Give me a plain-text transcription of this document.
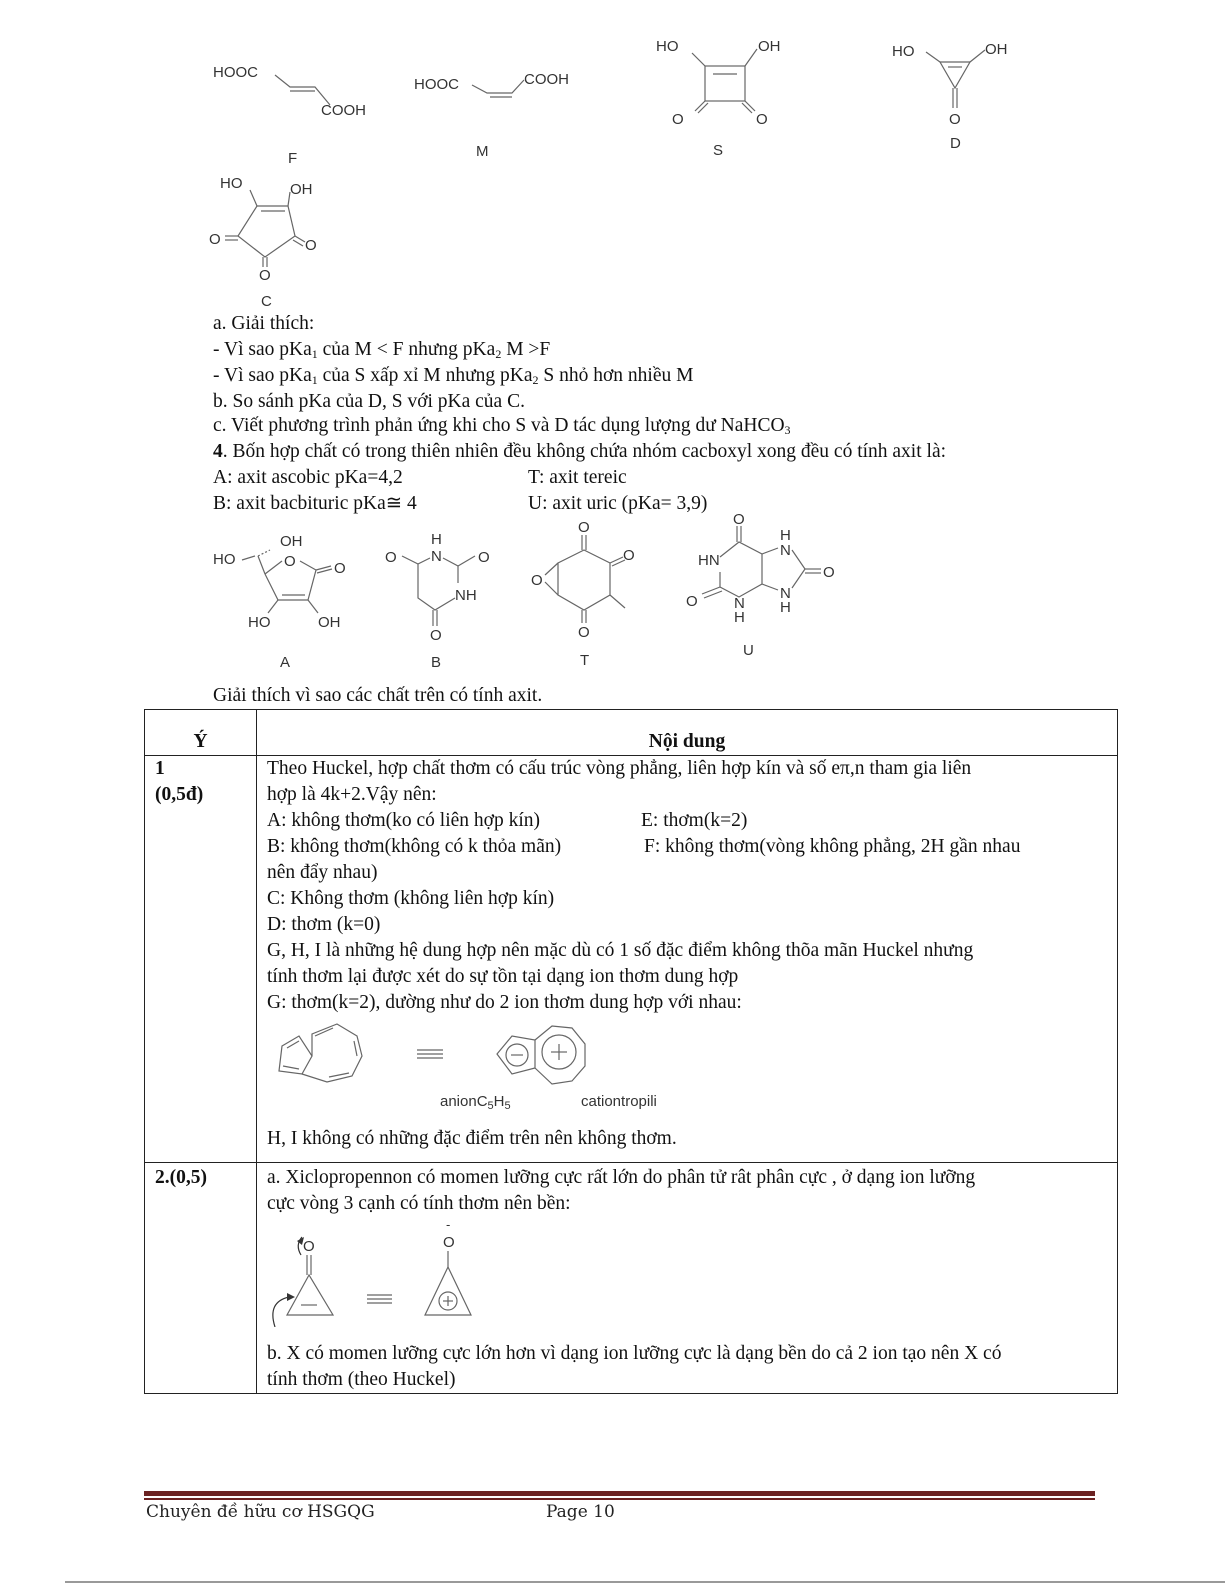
HOOC
COOH
F
HOOC	COOH
M
HO	OH
O	O
S
HO	OH
O
D
HO	OH
O	O
O
C
a. Giải thích:
- Vì sao pKa$_1$ của M < F nhưng pKa$_2$ M >F
- Vì sao pKa$_1$ của S xấp xỉ M nhưng pKa$_2$ S nhỏ hơn nhiều M
b. So sánh pKa của D, S với pKa của C.
c. Viết phương trình phản ứng khi cho S và D tác dụng lượng dư NaHCO$_3$
4. Bốn hợp chất có trong thiên nhiên đều không chứa nhóm cacboxyl xong đều có tính axit là:
A: axit ascobic pKa=4,2	T: axit tereic
B: axit bacbituric pKa≅ 4	U: axit uric (pKa= 3,9)
OH
HO	O	O
HO	OH
A
H
N
O	O
NH
O
B
O
O
O
O
T
O
HN
O N
H
H
N
N
H
O
U
Giải thích vì sao các chất trên có tính axit.
Ý	Nội dung

1
(0,5đ)

Theo Huckel, hợp chất thơm có cấu trúc vòng phẳng, liên hợp kín và số eπ,n tham gia liên

hợp là 4k+2.Vậy nên:

A: không thơm(ko có liên hợp kín)	E: thơm(k=2)

B: không thơm(không có k thỏa mãn)	F: không thơm(vòng không phẳng, 2H gần nhau

nên đẩy nhau)

C: Không thơm (không liên hợp kín)

D: thơm (k=0)

G, H, I là những hệ dung hợp nên mặc dù có 1 số đặc điểm không thõa mãn Huckel nhưng

tính thơm lại được xét do sự tồn tại dạng ion thơm dung hợp

G: thơm(k=2), dường như do 2 ion thơm dung hợp với nhau:

$anionC_5H_5$	cationtropili

H, I không có những đặc điểm trên nên không thơm.

2.(0,5)	a. Xiclopropennon có momen lưỡng cực rất lớn do phân tử rât phân cực , ở dạng ion lưỡng

cực vòng 3 cạnh có tính thơm nên bền:

O
-
O

b. X có momen lưỡng cực lớn hơn vì dạng ion lưỡng cực là dạng bền do cả 2 ion tạo nên X có

tính thơm (theo Huckel)

Chuyên đề hữu cơ HSGQG	Page 10
